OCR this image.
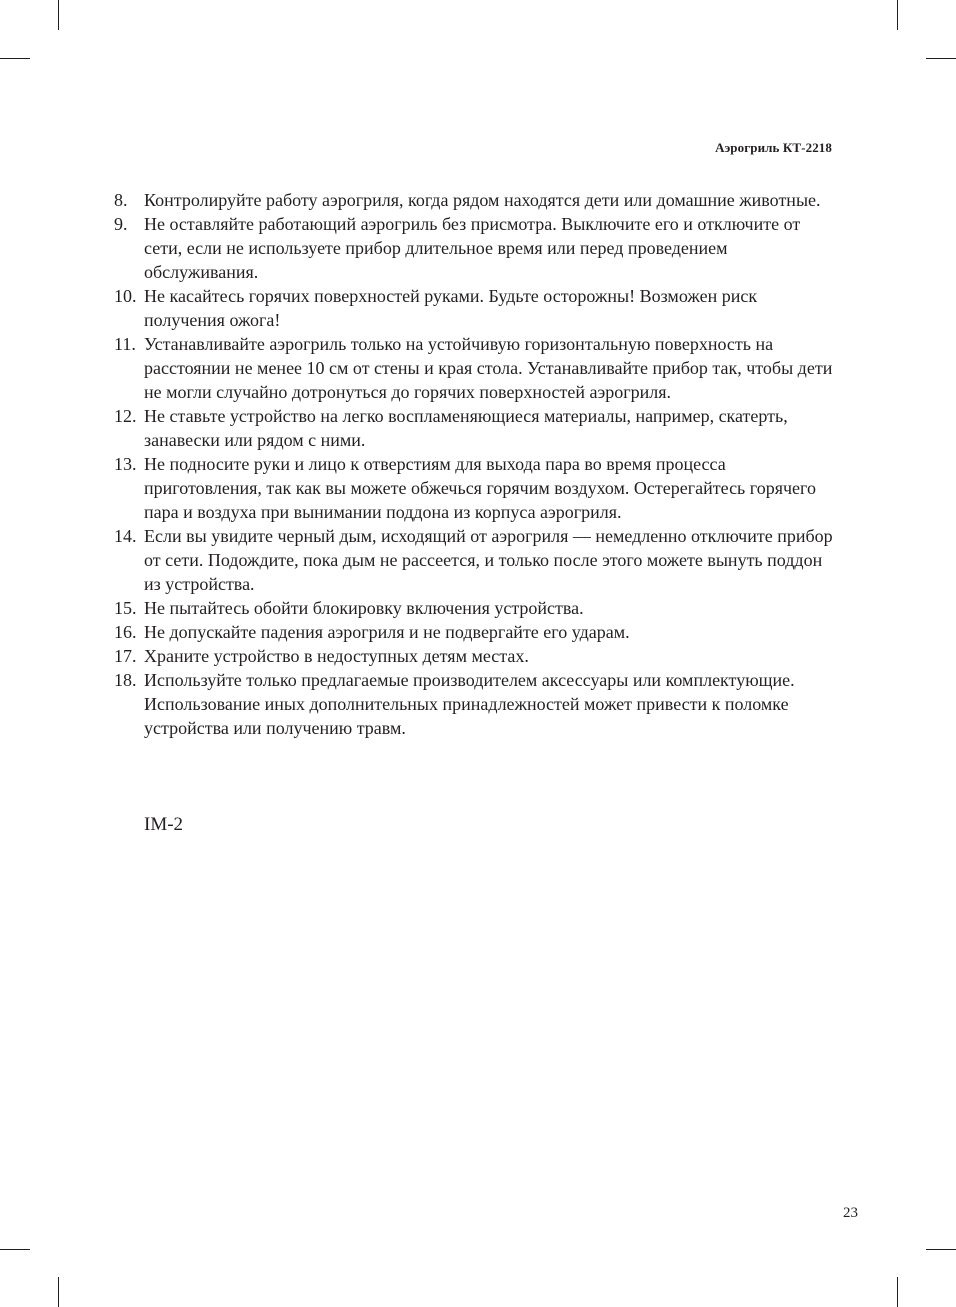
Аэрогриль КТ-2218
8. Контролируйте работу аэрогриля, когда рядом находятся дети или домашние животные.
9. Не оставляйте работающий аэрогриль без присмотра. Выключите его и отключите от сети, если не используете прибор длительное время или перед проведением обслуживания.
10. Не касайтесь горячих поверхностей руками. Будьте осторожны! Возможен риск получения ожога!
11. Устанавливайте аэрогриль только на устойчивую горизонтальную поверхность на расстоянии не менее 10 см от стены и края стола. Устанавливайте прибор так, чтобы дети не могли случайно дотронуться до горячих поверхностей аэрогриля.
12. Не ставьте устройство на легко воспламеняющиеся материалы, например, скатерть, занавески или рядом с ними.
13. Не подносите руки и лицо к отверстиям для выхода пара во время процесса приготовления, так как вы можете обжечься горячим воздухом. Остерегайтесь горячего пара и воздуха при вынимании поддона из корпуса аэрогриля.
14. Если вы увидите черный дым, исходящий от аэрогриля — немедленно отключите прибор от сети. Подождите, пока дым не рассеется, и только после этого можете вынуть поддон из устройства.
15. Не пытайтесь обойти блокировку включения устройства.
16. Не допускайте падения аэрогриля и не подвергайте его ударам.
17. Храните устройство в недоступных детям местах.
18. Используйте только предлагаемые производителем аксессуары или комплектующие. Использование иных дополнительных принадлежностей может привести к поломке устройства или получению травм.
IM-2
23
